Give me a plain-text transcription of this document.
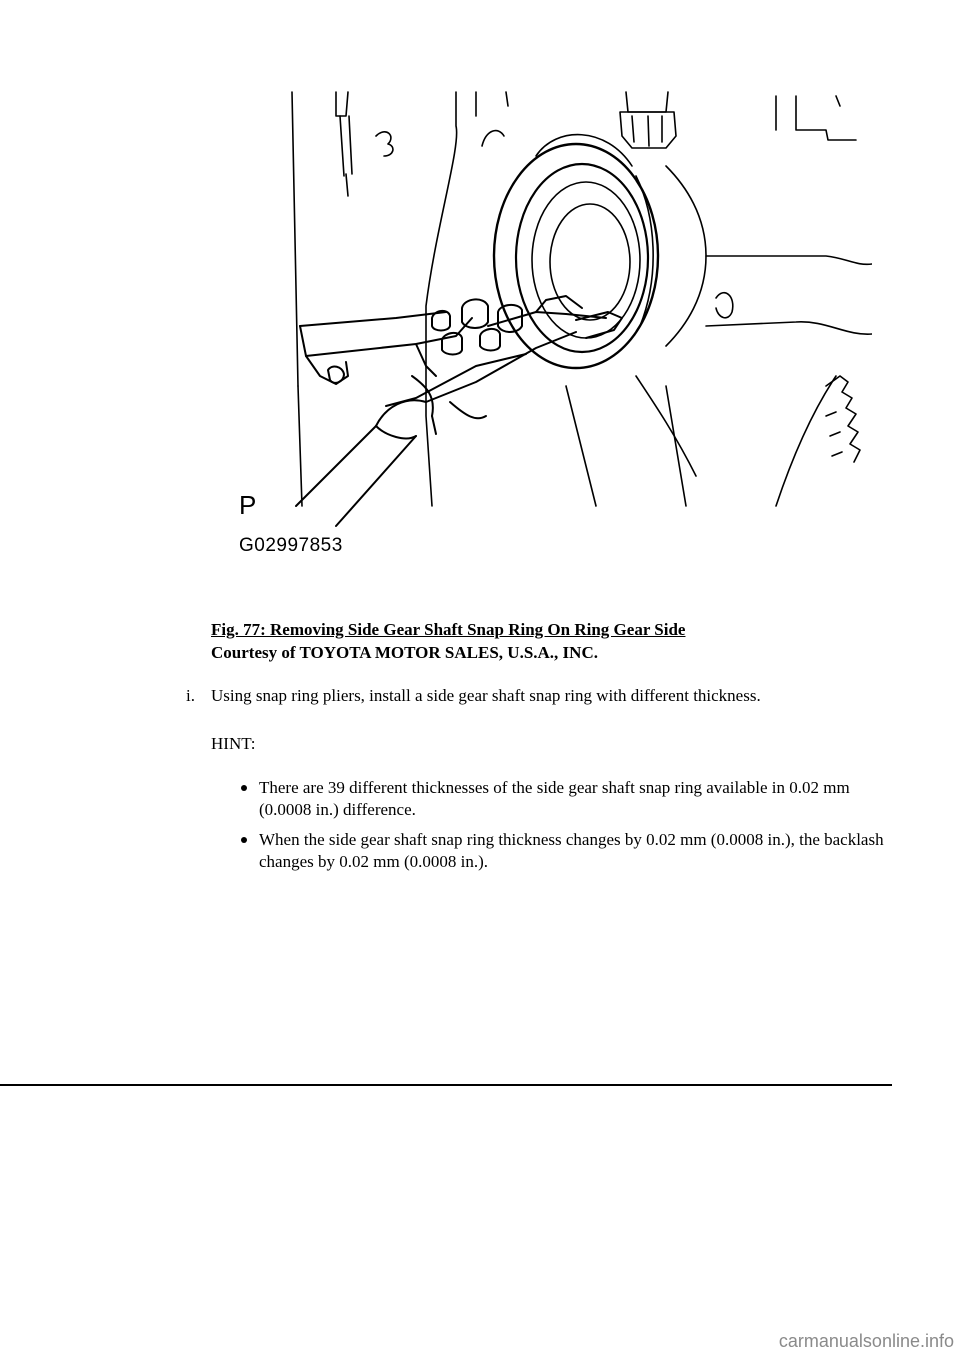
P
G02997853
Fig. 77: Removing Side Gear Shaft Snap Ring On Ring Gear Side
Courtesy of TOYOTA MOTOR SALES, U.S.A., INC.
i. Using snap ring pliers, install a side gear shaft snap ring with different thickness.
HINT:
There are 39 different thicknesses of the side gear shaft snap ring available in 0.02 mm (0.0008 in.) difference.
When the side gear shaft snap ring thickness changes by 0.02 mm (0.0008 in.), the backlash changes by 0.02 mm (0.0008 in.).
carmanualsonline.info
